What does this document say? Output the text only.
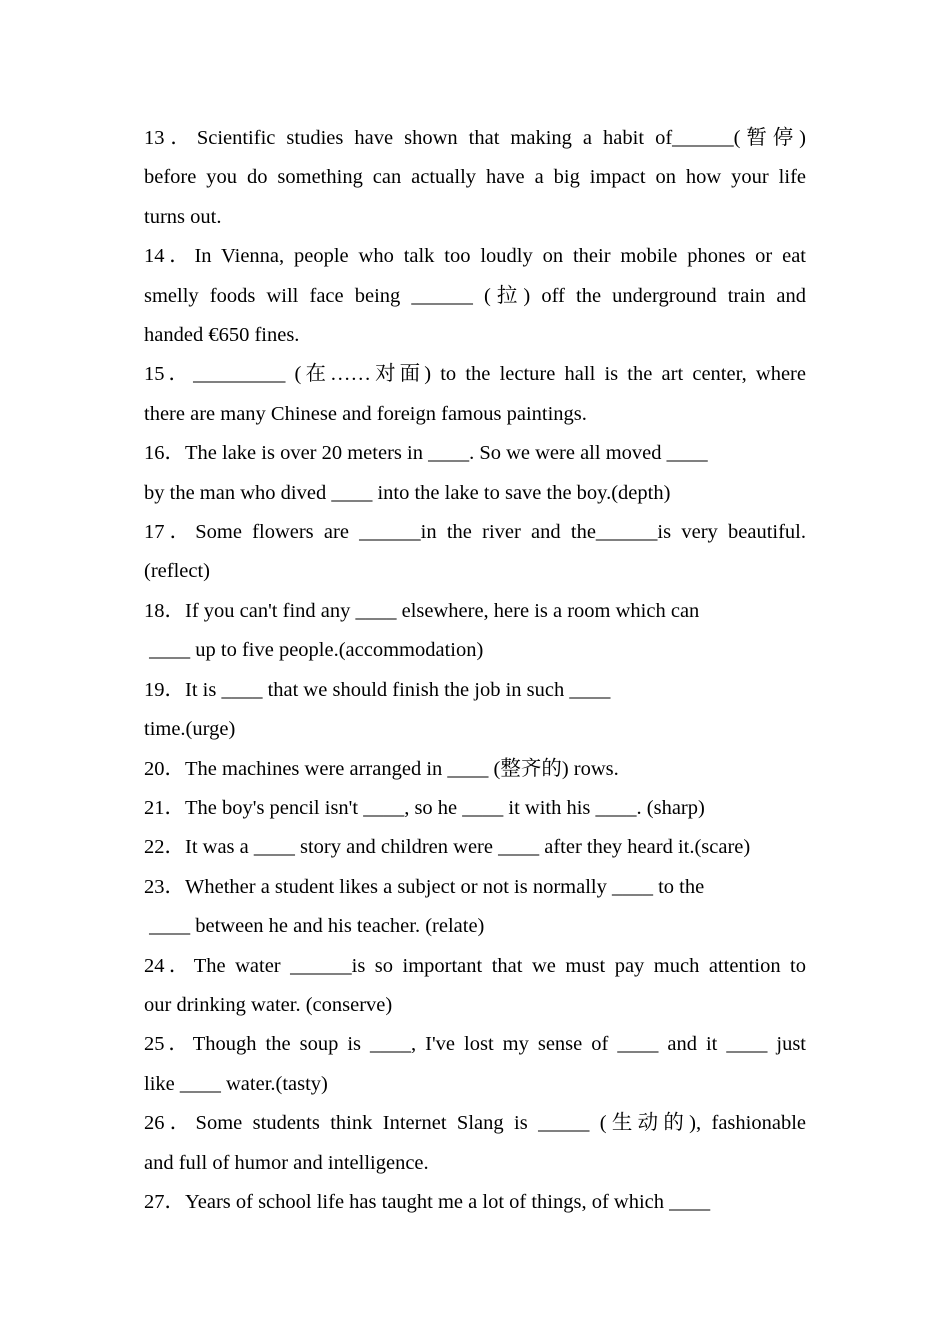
13．Scientific studies have shown that making a habit of______(暂停)
before you do something can actually have a big impact on how your life
turns out.
14．In Vienna, people who talk too loudly on their mobile phones or eat
smelly foods will face being ______ (拉) off the underground train and
handed €650 fines.
15．_________ (在……对面) to the lecture hall is the art center, where
there are many Chinese and foreign famous paintings.
16．The lake is over 20 meters in ____. So we were all moved ____
by the man who dived ____ into the lake to save the boy.(depth)
17．Some flowers are ______in the river and the______is very beautiful.
(reflect)
18．If you can't find any ____ elsewhere, here is a room which can
____ up to five people.(accommodation)
19．It is ____ that we should finish the job in such ____
time.(urge)
20．The machines were arranged in ____ (整齐的) rows.
21．The boy's pencil isn't ____, so he ____ it with his ____. (sharp)
22．It was a ____ story and children were ____ after they heard it.(scare)
23．Whether a student likes a subject or not is normally ____ to the
____ between he and his teacher. (relate)
24．The water ______is so important that we must pay much attention to
our drinking water. (conserve)
25．Though the soup is ____, I've lost my sense of ____ and it ____ just
like ____ water.(tasty)
26．Some students think Internet Slang is _____ (生动的), fashionable
and full of humor and intelligence.
27．Years of school life has taught me a lot of things, of which ____
